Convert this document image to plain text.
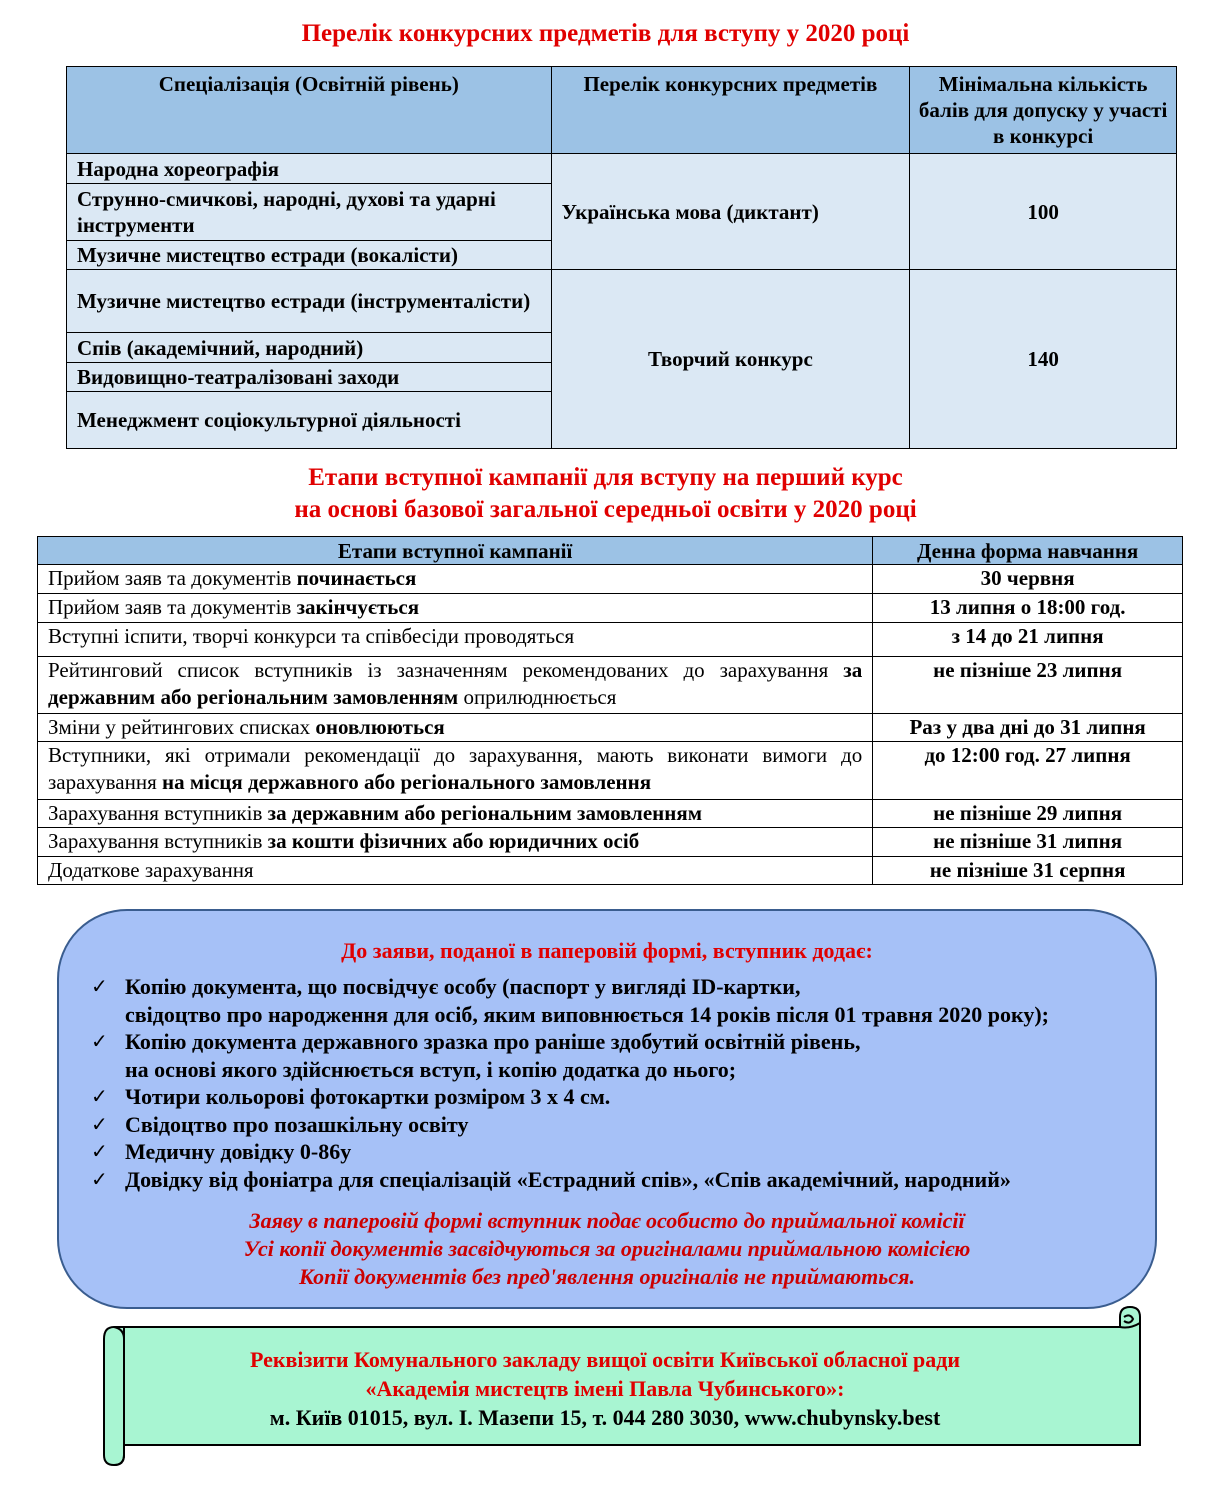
Перелік конкурсних предметів для вступу у 2020 році
Спеціалізація (Освітній рівень)	Перелік конкурсних предметів	Мінімальна кількість балів для допуску у участі в конкурсі
Народна хореографія	Українська мова (диктант)	100
Струнно-смичкові, народні, духові та ударні інструменти		
Музичне мистецтво естради (вокалісти)		
Музичне мистецтво естради (інструменталісти)	Творчий конкурс	140
Спів (академічний, народний)		
Видовищно-театралізовані заходи		
Менеджмент соціокультурної діяльності		
Етапи вступної кампанії для вступу на перший курс
на основі базової загальної середньої освіти у 2020 році
Етапи вступної кампанії	Денна форма навчання
Прийом заяв та документів починається	30 червня
Прийом заяв та документів закінчується	13 липня о 18:00 год.
Вступні іспити, творчі конкурси та співбесіди проводяться	з 14 до 21 липня
Рейтинговий список вступників із зазначенням рекомендованих до зарахування за державним або регіональним замовленням оприлюднюється	не пізніше 23 липня
Зміни у рейтингових списках оновлюються	Раз у два дні до 31 липня
Вступники, які отримали рекомендації до зарахування, мають виконати вимоги до зарахування на місця державного або регіонального замовлення	до 12:00 год. 27 липня
Зарахування вступників за державним або регіональним замовленням	не пізніше 29 липня
Зарахування вступників за кошти фізичних або юридичних осіб	не пізніше 31 липня
Додаткове зарахування	не пізніше 31 серпня
До заяви, поданої в паперовій формі, вступник додає:
✓ Копію документа, що посвідчує особу (паспорт у вигляді ID-картки,
свідоцтво про народження для осіб, яким виповнюється 14 років після 01 травня 2020 року);
✓ Копію документа державного зразка про раніше здобутий освітній рівень,
на основі якого здійснюється вступ, і копію додатка до нього;
✓ Чотири кольорові фотокартки розміром 3 х 4 см.
✓ Свідоцтво про позашкільну освіту
✓ Медичну довідку 0-86у
✓ Довідку від фоніатра для спеціалізацій «Естрадний спів», «Спів академічний, народний»
Заяву в паперовій формі вступник подає особисто до приймальної комісії
Усі копії документів засвідчуються за оригіналами приймальною комісією
Копії документів без пред'явлення оригіналів не приймаються.
Реквізити Комунального закладу вищої освіти Київської обласної ради
«Академія мистецтв імені Павла Чубинського»:
м. Київ 01015, вул. І. Мазепи 15, т. 044 280 3030, www.chubynsky.best
